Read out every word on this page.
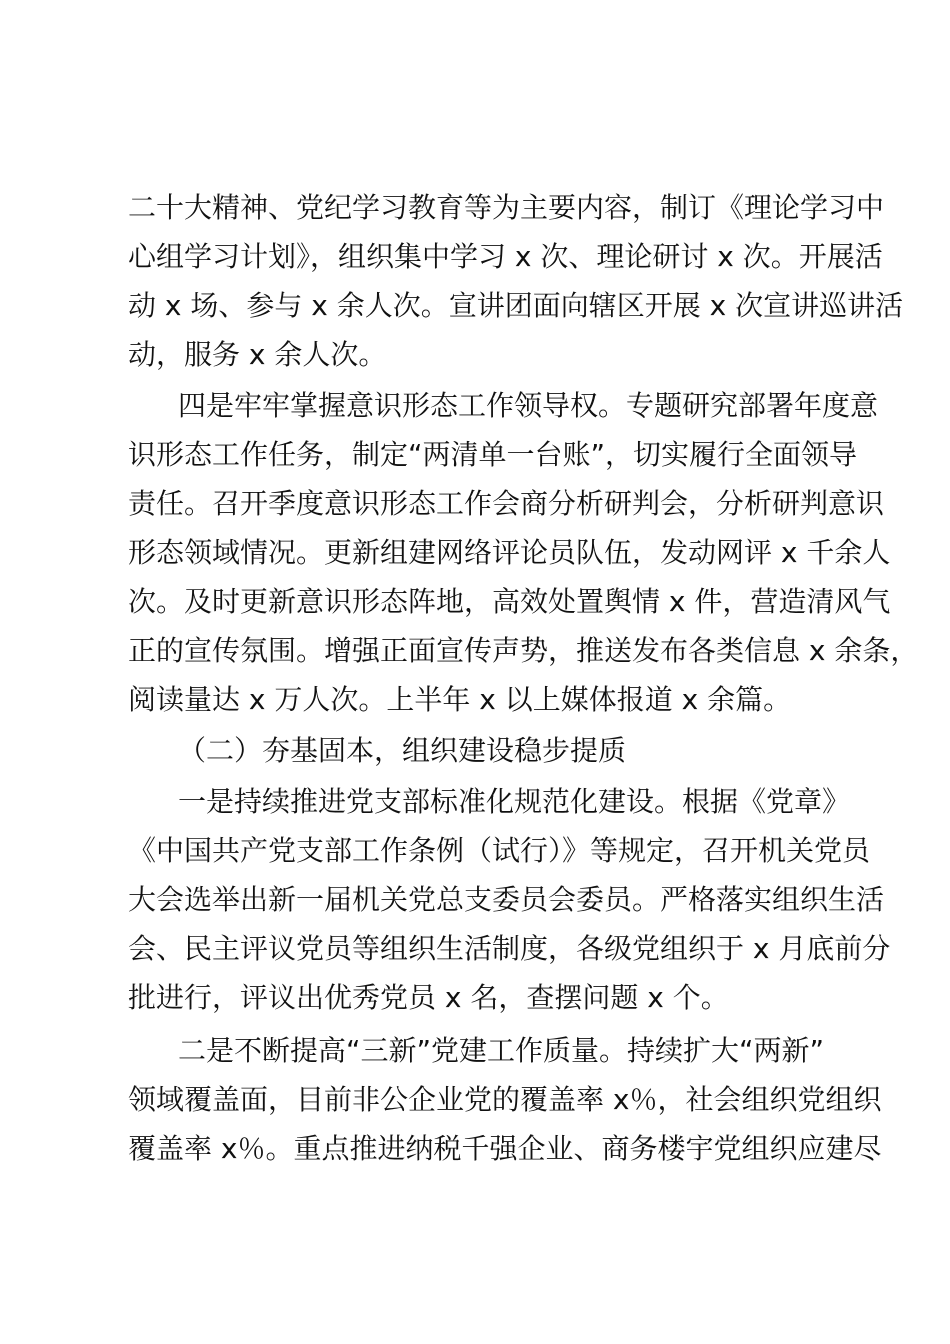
二十大精神、党纪学习教育等为主要内容，制订《理论学习中
心组学习计划》，组织集中学习 x 次、理论研讨 x 次。开展活
动 x 场、参与 x 余人次。宣讲团面向辖区开展 x 次宣讲巡讲活
动，服务 x 余人次。
四是牢牢掌握意识形态工作领导权。专题研究部署年度意
识形态工作任务，制定“两清单一台账”，切实履行全面领导
责任。召开季度意识形态工作会商分析研判会，分析研判意识
形态领域情况。更新组建网络评论员队伍，发动网评 x 千余人
次。及时更新意识形态阵地，高效处置舆情 x 件，营造清风气
正的宣传氛围。增强正面宣传声势，推送发布各类信息 x 余条，
阅读量达 x 万人次。上半年 x 以上媒体报道 x 余篇。
（二）夯基固本，组织建设稳步提质
一是持续推进党支部标准化规范化建设。根据《党章》
《中国共产党支部工作条例（试行）》等规定，召开机关党员
大会选举出新一届机关党总支委员会委员。严格落实组织生活
会、民主评议党员等组织生活制度，各级党组织于 x 月底前分
批进行，评议出优秀党员 x 名，查摆问题 x 个。
二是不断提高“三新”党建工作质量。持续扩大“两新”
领域覆盖面，目前非公企业党的覆盖率 x％，社会组织党组织
覆盖率 x％。重点推进纳税千强企业、商务楼宇党组织应建尽
